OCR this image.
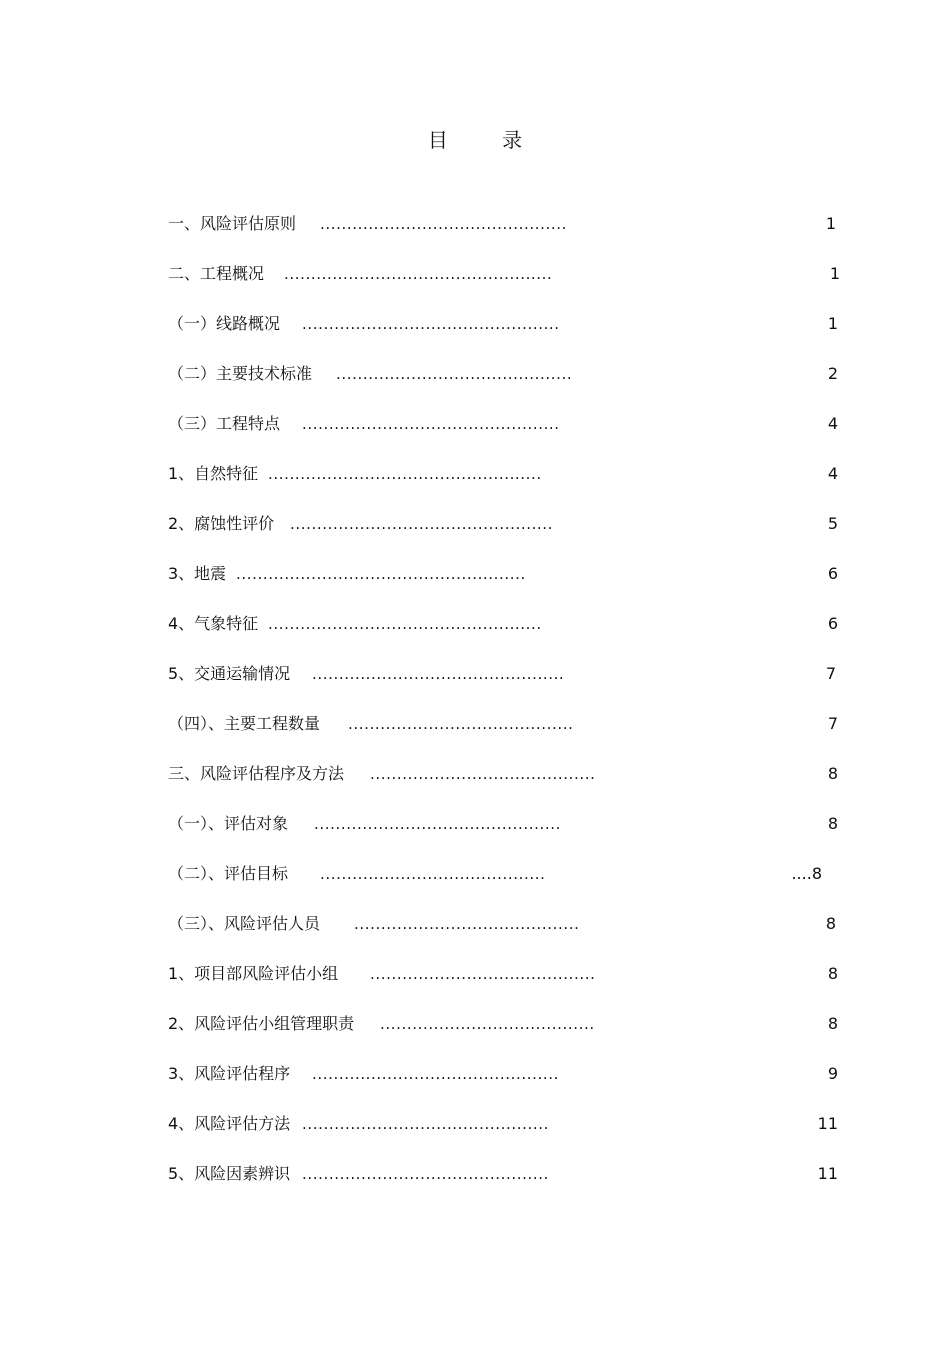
目 录
一、风险评估原则 ..............................................	1
二、工程概况 ..................................................	1
（一）线路概况 ................................................	1
（二）主要技术标准 ............................................	2
（三）工程特点 ................................................	4
1、自然特征 ...................................................	4
2、腐蚀性评价 .................................................	5
3、地震 ......................................................	6
4、气象特征 ...................................................	6
5、交通运输情况 ...............................................	7
（四）、主要工程数量 ..........................................	7
三、风险评估程序及方法 ..........................................	8
（一）、评估对象 ..............................................	8
（二）、评估目标 ..........................................	....8
（三）、风险评估人员 ..........................................	8
1、项目部风险评估小组 ..........................................	8
2、风险评估小组管理职责 ........................................	8
3、风险评估程序 ..............................................	9
4、风险评估方法 ..............................................	11
5、风险因素辨识 ..............................................	11
